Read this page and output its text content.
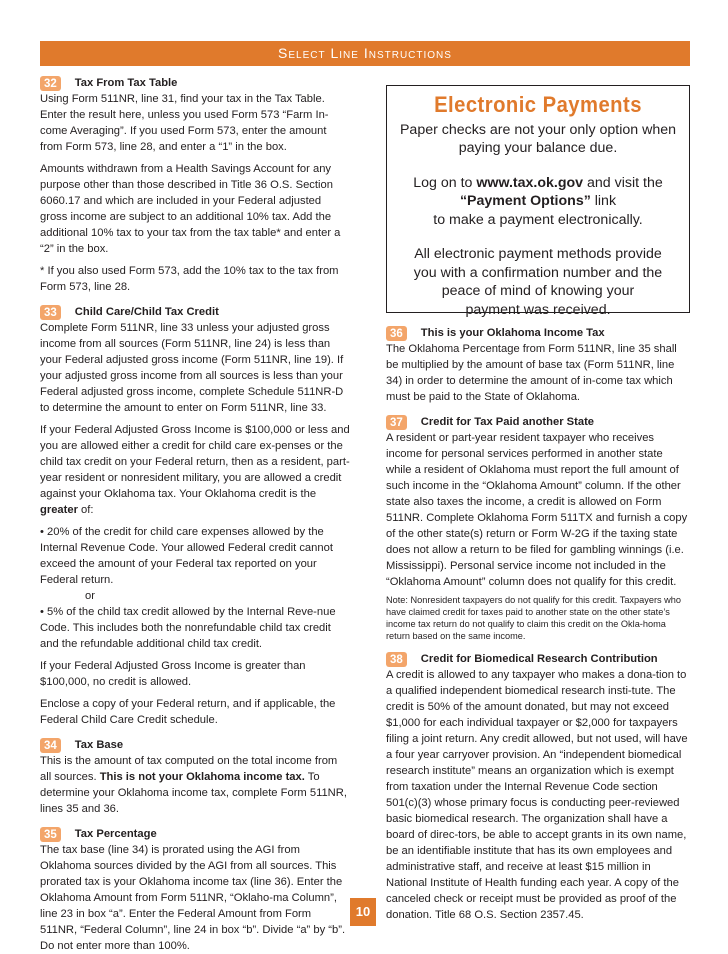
Select Line Instructions
32	Tax From Tax Table

Using Form 511NR, line 31, find your tax in the Tax Table. Enter the result here, unless you used Form 573 “Farm In-come Averaging”. If you used Form 573, enter the amount from Form 573, line 28, and enter a “1” in the box.

Amounts withdrawn from a Health Savings Account for any purpose other than those described in Title 36 O.S. Section 6060.17 and which are included in your Federal adjusted gross income are subject to an additional 10% tax. Add the additional 10% tax to your tax from the tax table* and enter a “2” in the box.

* If you also used Form 573, add the 10% tax to the tax from Form 573, line 28.

33	Child Care/Child Tax Credit

Complete Form 511NR, line 33 unless your adjusted gross income from all sources (Form 511NR, line 24) is less than your Federal adjusted gross income (Form 511NR, line 19). If your adjusted gross income from all sources is less than your Federal adjusted gross income, complete Schedule 511NR-D to determine the amount to enter on Form 511NR, line 33.

If your Federal Adjusted Gross Income is $100,000 or less and you are allowed either a credit for child care ex-penses or the child tax credit on your Federal return, then as a resident, part-year resident or nonresident military, you are allowed a credit against your Oklahoma tax. Your Oklahoma credit is the greater of:

• 20% of the credit for child care expenses allowed by the Internal Revenue Code. Your allowed Federal credit cannot exceed the amount of your Federal tax reported on your Federal return.

or

• 5% of the child tax credit allowed by the Internal Reve-nue Code. This includes both the nonrefundable child tax credit and the refundable additional child tax credit.

If your Federal Adjusted Gross Income is greater than $100,000, no credit is allowed.

Enclose a copy of your Federal return, and if applicable, the Federal Child Care Credit schedule.

34	Tax Base

This is the amount of tax computed on the total income from all sources. This is not your Oklahoma income tax. To determine your Oklahoma income tax, complete Form 511NR, lines 35 and 36.

35	Tax Percentage

The tax base (line 34) is prorated using the AGI from Oklahoma sources divided by the AGI from all sources. This prorated tax is your Oklahoma income tax (line 36). Enter the Oklahoma Amount from Form 511NR, “Oklaho-ma Column”, line 23 in box “a”. Enter the Federal Amount from Form 511NR, “Federal Column”, line 24 in box “b”. Divide “a” by “b”. Do not enter more than 100%.

Electronic Payments

Paper checks are not your only option when paying your balance due.

Log on to www.tax.ok.gov and visit the
“Payment Options” link
to make a payment electronically.

All electronic payment methods provide you with a confirmation number and the peace of mind of knowing your payment was received.

36	This is your Oklahoma Income Tax

The Oklahoma Percentage from Form 511NR, line 35 shall be multiplied by the amount of base tax (Form 511NR, line 34) in order to determine the amount of in-come tax which must be paid to the State of Oklahoma.

37	Credit for Tax Paid another State

A resident or part-year resident taxpayer who receives income for personal services performed in another state while a resident of Oklahoma must report the full amount of such income in the “Oklahoma Amount” column. If the other state also taxes the income, a credit is allowed on Form 511NR. Complete Oklahoma Form 511TX and furnish a copy of the other state(s) return or Form W-2G if the taxing state does not allow a return to be filed for gambling winnings (i.e. Mississippi). Personal service income not included in the “Oklahoma Amount” column does not qualify for this credit.

Note: Nonresident taxpayers do not qualify for this credit. Taxpayers who have claimed credit for taxes paid to another state on the other state’s income tax return do not qualify to claim this credit on the Okla-homa return based on the same income.

38	Credit for Biomedical Research Contribution

A credit is allowed to any taxpayer who makes a dona-tion to a qualified independent biomedical research insti-tute. The credit is 50% of the amount donated, but may not exceed $1,000 for each individual taxpayer or $2,000 for taxpayers filing a joint return. Any credit allowed, but not used, will have a four year carryover provision. An “independent biomedical research institute” means an organization which is exempt from taxation under the Internal Revenue Code section 501(c)(3) whose primary focus is conducting peer-reviewed basic biomedical research. The organization shall have a board of direc-tors, be able to accept grants in its own name, be an identifiable institute that has its own employees and administrative staff, and receive at least $15 million in National Institute of Health funding each year. A copy of the canceled check or receipt must be provided as proof of the donation. Title 68 O.S. Section 2357.45.

10
